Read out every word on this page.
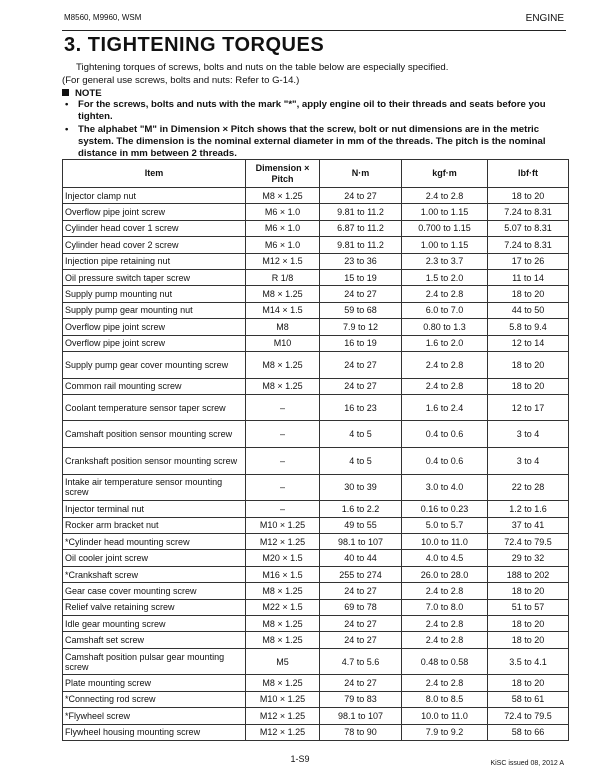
M8560, M9960, WSM	ENGINE
3. TIGHTENING TORQUES
Tightening torques of screws, bolts and nuts on the table below are especially specified.
(For general use screws, bolts and nuts: Refer to G-14.)
NOTE
•	For the screws, bolts and nuts with the mark "*", apply engine oil to their threads and seats before you tighten.
•	The alphabet "M" in Dimension × Pitch shows that the screw, bolt or nut dimensions are in the metric system. The dimension is the nominal external diameter in mm of the threads. The pitch is the nominal distance in mm between 2 threads.
Item	Dimension × Pitch	N·m	kgf·m	lbf·ft
Injector clamp nut	M8 × 1.25	24 to 27	2.4 to 2.8	18 to 20
Overflow pipe joint screw	M6 × 1.0	9.81 to 11.2	1.00 to 1.15	7.24 to 8.31
Cylinder head cover 1 screw	M6 × 1.0	6.87 to 11.2	0.700 to 1.15	5.07 to 8.31
Cylinder head cover 2 screw	M6 × 1.0	9.81 to 11.2	1.00 to 1.15	7.24 to 8.31
Injection pipe retaining nut	M12 × 1.5	23 to 36	2.3 to 3.7	17 to 26
Oil pressure switch taper screw	R 1/8	15 to 19	1.5 to 2.0	11 to 14
Supply pump mounting nut	M8 × 1.25	24 to 27	2.4 to 2.8	18 to 20
Supply pump gear mounting nut	M14 × 1.5	59 to 68	6.0 to 7.0	44 to 50
Overflow pipe joint screw	M8	7.9 to 12	0.80 to 1.3	5.8 to 9.4
Overflow pipe joint screw	M10	16 to 19	1.6 to 2.0	12 to 14
Supply pump gear cover mounting screw	M8 × 1.25	24 to 27	2.4 to 2.8	18 to 20
Common rail mounting screw	M8 × 1.25	24 to 27	2.4 to 2.8	18 to 20
Coolant temperature sensor taper screw	–	16 to 23	1.6 to 2.4	12 to 17
Camshaft position sensor mounting screw	–	4 to 5	0.4 to 0.6	3 to 4
Crankshaft position sensor mounting screw	–	4 to 5	0.4 to 0.6	3 to 4
Intake air temperature sensor mounting screw	–	30 to 39	3.0 to 4.0	22 to 28
Injector terminal nut	–	1.6 to 2.2	0.16 to 0.23	1.2 to 1.6
Rocker arm bracket nut	M10 × 1.25	49 to 55	5.0 to 5.7	37 to 41
*Cylinder head mounting screw	M12 × 1.25	98.1 to 107	10.0 to 11.0	72.4 to 79.5
Oil cooler joint screw	M20 × 1.5	40 to 44	4.0 to 4.5	29 to 32
*Crankshaft screw	M16 × 1.5	255 to 274	26.0 to 28.0	188 to 202
Gear case cover mounting screw	M8 × 1.25	24 to 27	2.4 to 2.8	18 to 20
Relief valve retaining screw	M22 × 1.5	69 to 78	7.0 to 8.0	51 to 57
Idle gear mounting screw	M8 × 1.25	24 to 27	2.4 to 2.8	18 to 20
Camshaft set screw	M8 × 1.25	24 to 27	2.4 to 2.8	18 to 20
Camshaft position pulsar gear mounting screw	M5	4.7 to 5.6	0.48 to 0.58	3.5 to 4.1
Plate mounting screw	M8 × 1.25	24 to 27	2.4 to 2.8	18 to 20
*Connecting rod screw	M10 × 1.25	79 to 83	8.0 to 8.5	58 to 61
*Flywheel screw	M12 × 1.25	98.1 to 107	10.0 to 11.0	72.4 to 79.5
Flywheel housing mounting screw	M12 × 1.25	78 to 90	7.9 to 9.2	58 to 66
1-S9	KiSC issued 08, 2012 A
